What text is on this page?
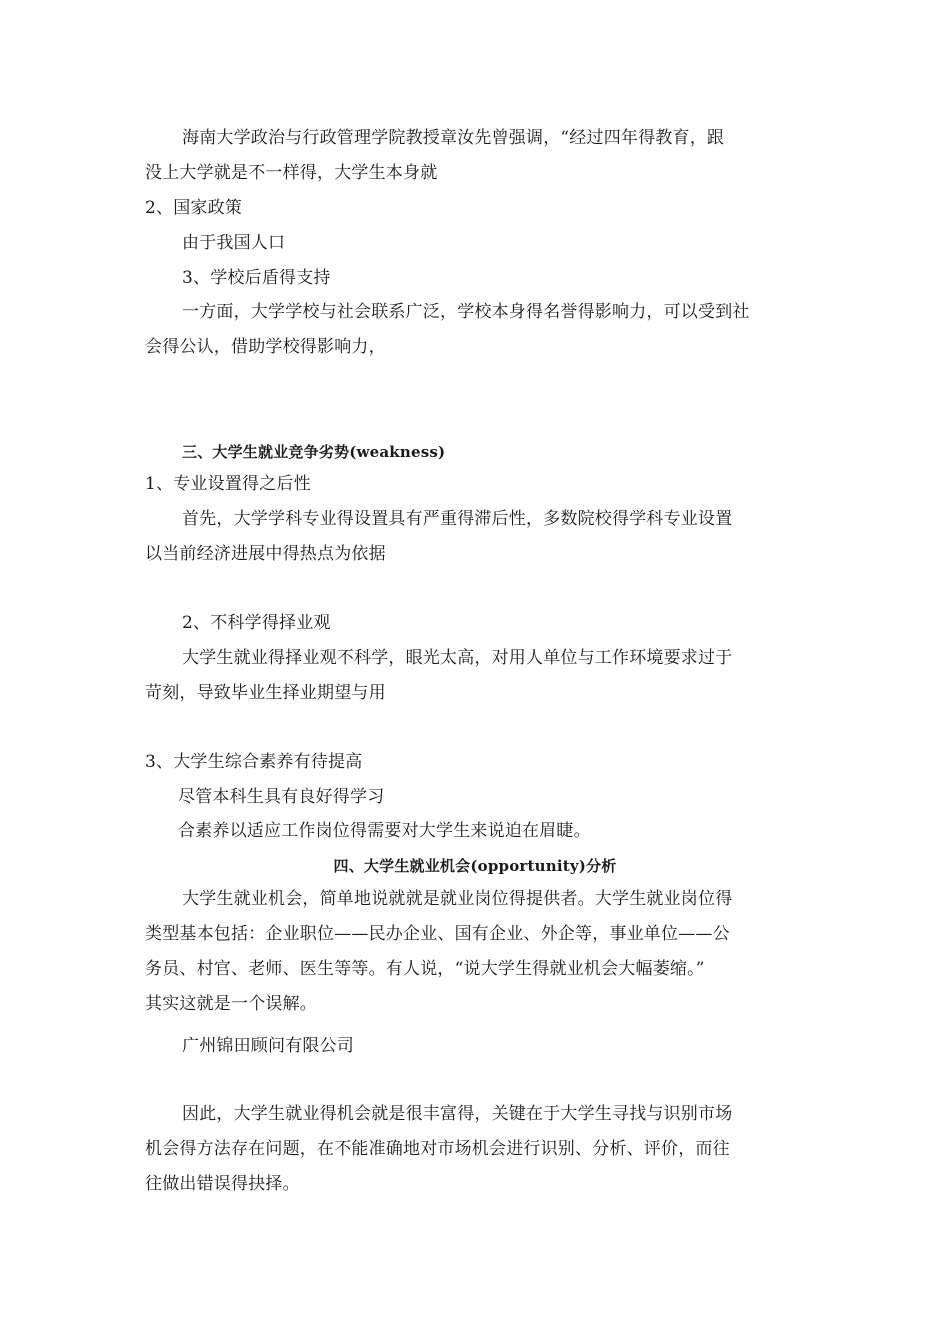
海南大学政治与行政管理学院教授章汝先曾强调，“经过四年得教育，跟
没上大学就是不一样得，大学生本身就
2、国家政策
由于我国人口
3、学校后盾得支持
一方面，大学学校与社会联系广泛，学校本身得名誉得影响力，可以受到社
会得公认，借助学校得影响力，
三、大学生就业竞争劣势(weakness)
1、专业设置得之后性
首先，大学学科专业得设置具有严重得滞后性，多数院校得学科专业设置
以当前经济进展中得热点为依据
2、不科学得择业观
大学生就业得择业观不科学，眼光太高，对用人单位与工作环境要求过于
苛刻，导致毕业生择业期望与用
3、大学生综合素养有待提高
尽管本科生具有良好得学习
合素养以适应工作岗位得需要对大学生来说迫在眉睫。
四、大学生就业机会(opportunity)分析
大学生就业机会，简单地说就就是就业岗位得提供者。大学生就业岗位得
类型基本包括：企业职位——民办企业、国有企业、外企等，事业单位——公
务员、村官、老师、医生等等。有人说，“说大学生得就业机会大幅萎缩。”
其实这就是一个误解。
广州锦田顾问有限公司
因此，大学生就业得机会就是很丰富得，关键在于大学生寻找与识别市场
机会得方法存在问题，在不能准确地对市场机会进行识别、分析、评价，而往
往做出错误得抉择。
